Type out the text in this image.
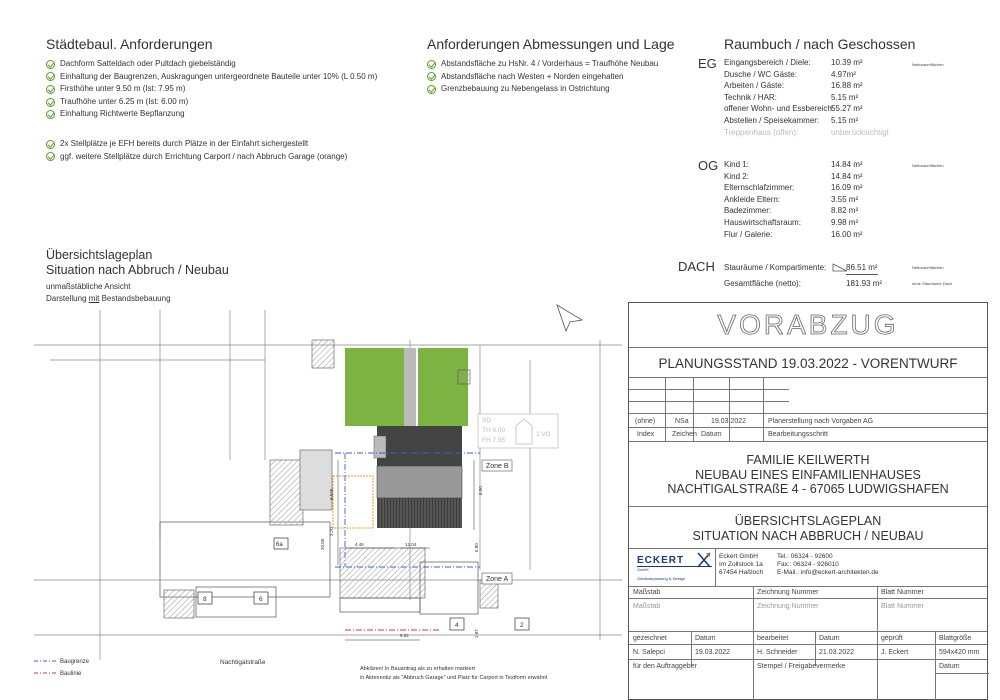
Städtebaul. Anforderungen
Dachform Satteldach oder Pultdach giebelständig
Einhaltung der Baugrenzen, Auskragungen untergeordnete Bauteile unter 10% (L 0.50 m)
Firsthöhe unter 9.50 m (Ist: 7.95 m)
Traufhöhe unter 6.25 m (Ist: 6.00 m)
Einhaltung Richtwerte Bepflanzung
2x Stellplätze je EFH bereits durch Plätze in der Einfahrt sichergestellt
ggf. weitere Stellplätze durch Errichtung Carport / nach Abbruch Garage (orange)
Anforderungen Abmessungen und Lage
Abstandsfläche zu HsNr. 4 / Vorderhaus = Traufhöhe Neubau
Abstandsfläche nach Westen + Norden eingehalten
Grenzbebauung zu Nebengelass in Ostrichtung
Raumbuch / nach Geschossen
EG	Nettoraumflächen
Eingangsbereich / Diele:	10.39 m²
Dusche / WC Gäste:	4.97m²
Arbeiten / Gäste:	16.88 m²
Technik / HAR:	5.15 m²
offener Wohn- und Essbereich:
55.27 m²
Abstellen / Speisekammer: 5.15 m²
Treppenhaus (offen):	unberücksichtigt
OG	Nettoraumflächen
Kind 1:	14.84 m²
Kind 2:	14.84 m²
Elternschlafzimmer:	16.09 m²
Ankleide Eltern:	3.55 m²
Badezimmer:	8.82 m²
Hauswirtschaftsraum:	9.98 m²
Flur / Galerie:	16.00 m²
DACH Stauräume / Kompartimente: 86.51 m²	Nettoraumflächen
Gesamtfläche (netto):	181.93 m²	ohne Stauräume Dach
Übersichtslageplan
Situation nach Abbruch / Neubau
unmaßstäbliche Ansicht
Darstellung mit Bestandsbebauung
Zone B
Zone A
6a
8	6
4	2
SD
TH 6.00
FH 7.95
2 VG
8.575	6.00
4.46
3.70
20.00	6.80
12.04
9.52	1.87
Baugrenze
Baulinie
Nachtigalstraße
Abklären! In Bauantrag als zu erhalten markiert
in Aktennotiz als "Abbruch Garage" und Platz für Carport in Textform erwähnt
VORABZUG
PLANUNGSSTAND 19.03.2022 - VORENTWURF
(ohne)	NSa	19.03.2022	Planerstellung nach Vorgaben AG
Index	Zeichen Datum	Bearbeitungsschritt
FAMILIE KEILWERTH
NEUBAU EINES EINFAMILIENHAUSES
NACHTIGALSTRAßE 4 - 67065 LUDWIGSHAFEN
ÜBERSICHTSLAGEPLAN
SITUATION NACH ABBRUCH / NEUBAU
ECKERT
GmbH
Gebäudeplanung & Design
Eckert GmbH
Im Zollstock 1a
67454 Haßloch
Tel.: 06324 - 92600
Fax.: 06324 - 926010
E-Mail.: info@eckert-architekten.de
Maßstab	Zeichnung Nummer	Blatt Nummer
Maßstab	Zeichnung Nummer	Blatt Nummer
gezeichnet	Datum	bearbeitet	Datum	geprüft	Blattgröße
N. Salepci	19.03.2022	H. Schneider	21.03.2022	J. Eckert	594x420 mm
für den Auftraggeber	Stempel / Freigabevermerke	Datum
